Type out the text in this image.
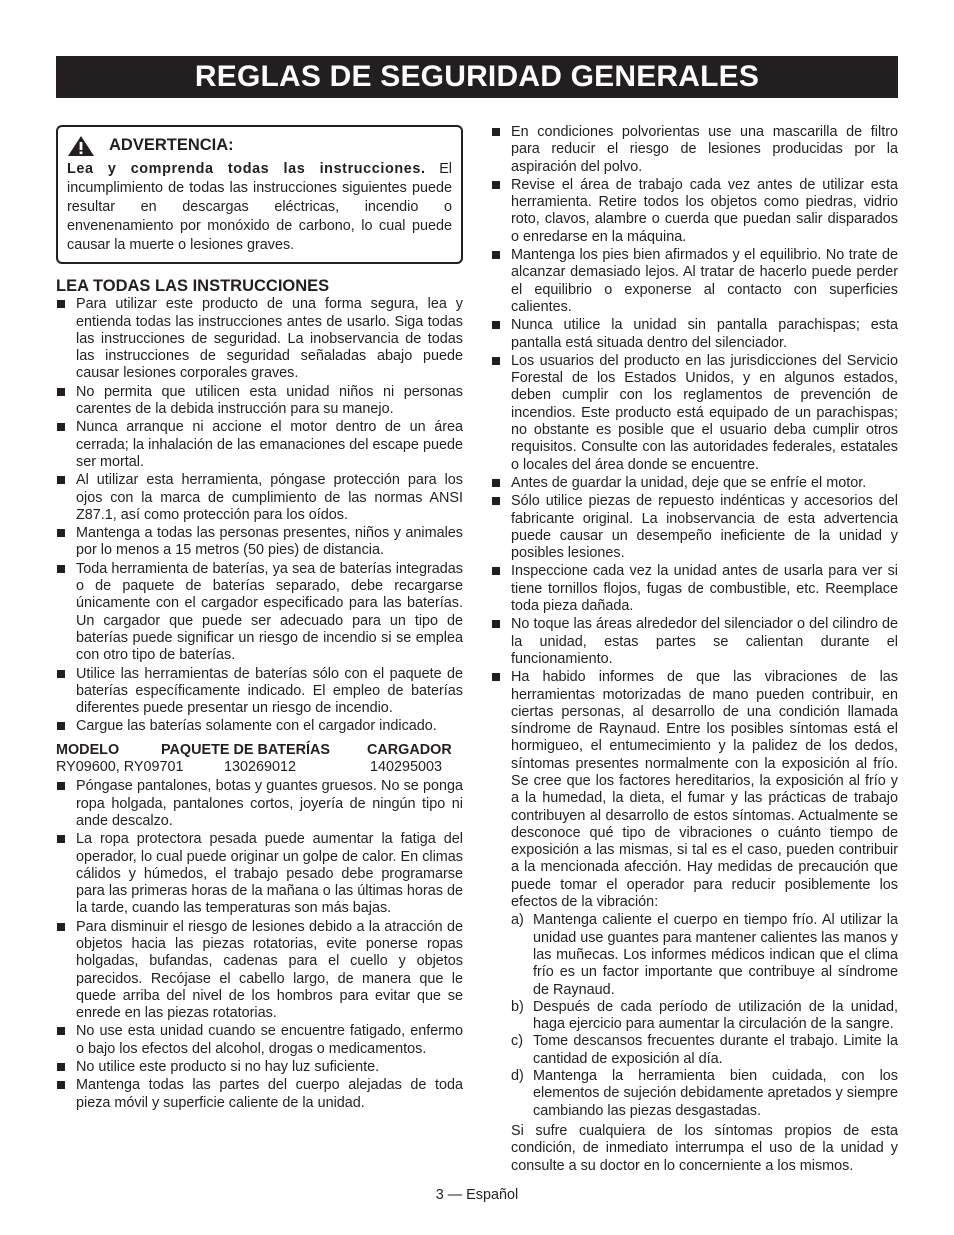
REGLAS DE SEGURIDAD GENERALES
ADVERTENCIA:
Lea y comprenda todas las instrucciones. El incumplimiento de todas las instrucciones siguientes puede resultar en descargas eléctricas, incendio o envenenamiento por monóxido de carbono, lo cual puede causar la muerte o lesiones graves.
LEA TODAS LAS INSTRUCCIONES
Para utilizar este producto de una forma segura, lea y entienda todas las instrucciones antes de usarlo. Siga todas las instrucciones de seguridad. La inobservancia de todas las instrucciones de seguridad señaladas abajo puede causar lesiones corporales graves.
No permita que utilicen esta unidad niños ni personas carentes de la debida instrucción para su manejo.
Nunca arranque ni accione el motor dentro de un área cerrada; la inhalación de las emanaciones del escape puede ser mortal.
Al utilizar esta herramienta, póngase protección para los ojos con la marca de cumplimiento de las normas ANSI Z87.1, así como protección para los oídos.
Mantenga a todas las personas presentes, niños y animales por lo menos a 15 metros (50 pies) de distancia.
Toda herramienta de baterías, ya sea de baterías integradas o de paquete de baterías separado, debe recargarse únicamente con el cargador especificado para las baterías. Un cargador que puede ser adecuado para un tipo de baterías puede significar un riesgo de incendio si se emplea con otro tipo de baterías.
Utilice las herramientas de baterías sólo con el paquete de baterías específicamente indicado. El empleo de baterías diferentes puede presentar un riesgo de incendio.
Cargue las baterías solamente con el cargador indicado.
MODELO	PAQUETE DE BATERÍAS	CARGADOR
RY09600, RY09701	130269012	140295003
Póngase pantalones, botas y guantes gruesos. No se ponga ropa holgada, pantalones cortos, joyería de ningún tipo ni ande descalzo.
La ropa protectora pesada puede aumentar la fatiga del operador, lo cual puede originar un golpe de calor. En climas cálidos y húmedos, el trabajo pesado debe programarse para las primeras horas de la mañana o las últimas horas de la tarde, cuando las temperaturas son más bajas.
Para disminuir el riesgo de lesiones debido a la atracción de objetos hacia las piezas rotatorias, evite ponerse ropas holgadas, bufandas, cadenas para el cuello y objetos parecidos. Recójase el cabello largo, de manera que le quede arriba del nivel de los hombros para evitar que se enrede en las piezas rotatorias.
No use esta unidad cuando se encuentre fatigado, enfermo o bajo los efectos del alcohol, drogas o medicamentos.
No utilice este producto si no hay luz suficiente.
Mantenga todas las partes del cuerpo alejadas de toda pieza móvil y superficie caliente de la unidad.
En condiciones polvorientas use una mascarilla de filtro para reducir el riesgo de lesiones producidas por la aspiración del polvo.
Revise el área de trabajo cada vez antes de utilizar esta herramienta. Retire todos los objetos como piedras, vidrio roto, clavos, alambre o cuerda que puedan salir disparados o enredarse en la máquina.
Mantenga los pies bien afirmados y el equilibrio. No trate de alcanzar demasiado lejos. Al tratar de hacerlo puede perder el equilibrio o exponerse al contacto con superficies calientes.
Nunca utilice la unidad sin pantalla parachispas; esta pantalla está situada dentro del silenciador.
Los usuarios del producto en las jurisdicciones del Servicio Forestal de los Estados Unidos, y en algunos estados, deben cumplir con los reglamentos de prevención de incendios. Este producto está equipado de un parachispas; no obstante es posible que el usuario deba cumplir otros requisitos. Consulte con las autoridades federales, estatales o locales del área donde se encuentre.
Antes de guardar la unidad, deje que se enfríe el motor.
Sólo utilice piezas de repuesto indénticas y accesorios del fabricante original. La inobservancia de esta advertencia puede causar un desempeño ineficiente de la unidad y posibles lesiones.
Inspeccione cada vez la unidad antes de usarla para ver si tiene tornillos flojos, fugas de combustible, etc. Reemplace toda pieza dañada.
No toque las áreas alrededor del silenciador o del cilindro de la unidad, estas partes se calientan durante el funcionamiento.
Ha habido informes de que las vibraciones de las herramientas motorizadas de mano pueden contribuir, en ciertas personas, al desarrollo de una condición llamada síndrome de Raynaud. Entre los posibles síntomas está el hormigueo, el entumecimiento y la palidez de los dedos, síntomas presentes normalmente con la exposición al frío. Se cree que los factores hereditarios, la exposición al frío y a la humedad, la dieta, el fumar y las prácticas de trabajo contribuyen al desarrollo de estos síntomas. Actualmente se desconoce qué tipo de vibraciones o cuánto tiempo de exposición a las mismas, si tal es el caso, pueden contribuir a la mencionada afección. Hay medidas de precaución que puede tomar el operador para reducir posiblemente los efectos de la vibración:
a) Mantenga caliente el cuerpo en tiempo frío. Al utilizar la unidad use guantes para mantener calientes las manos y las muñecas. Los informes médicos indican que el clima frío es un factor importante que contribuye al síndrome de Raynaud.
b) Después de cada período de utilización de la unidad, haga ejercicio para aumentar la circulación de la sangre.
c) Tome descansos frecuentes durante el trabajo. Limite la cantidad de exposición al día.
d) Mantenga la herramienta bien cuidada, con los elementos de sujeción debidamente apretados y siempre cambiando las piezas desgastadas.
Si sufre cualquiera de los síntomas propios de esta condición, de inmediato interrumpa el uso de la unidad y consulte a su doctor en lo concerniente a los mismos.
3 — Español
